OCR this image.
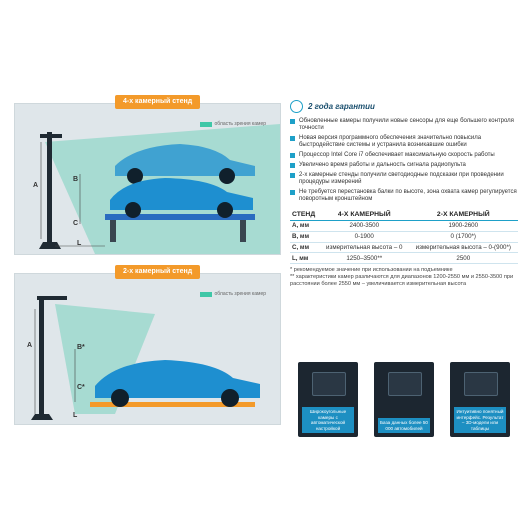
4-х камерный стенд
область зрения камер
A
B
C
L
2-х камерный стенд
область зрения камер
A	B*
C*
L
2 года гарантии
Обновленные камеры получили новые сенсоры для еще большего контроля точности
Новая версия программного обеспечения значительно повысила быстродействие системы и устранила возникавшие ошибки
Процессор Intel Core i7 обеспечивает максимальную скорость работы
Увеличено время работы и дальность сигнала радиопульта
2-х камерные стенды получили светодиодные подсказки при проведении процедуры измерений
Не требуется перестановка балки по высоте, зона охвата камер регулируется поворотным кронштейном
СТЕНД	4-Х КАМЕРНЫЙ	2-Х КАМЕРНЫЙ
А, мм	2400-3500	1900-2600
B, мм	0-1900	0 (1700*)
C, мм	измерительная высота – 0	измерительная высота – 0-(900*)
L, мм	1250–3500**	2500
* рекомендуемое значение при использовании на подъемнике
** характеристики камер различаются для диапазонов 1200-2550 мм и 2550-3500 при расстоянии более 2550 мм – увеличивается измерительная высота
Широкоугольные камеры с автоматической настройкой
База данных более 50 000 автомобилей
Интуитивно понятный интерфейс. Результат – 3D-модели или таблицы
